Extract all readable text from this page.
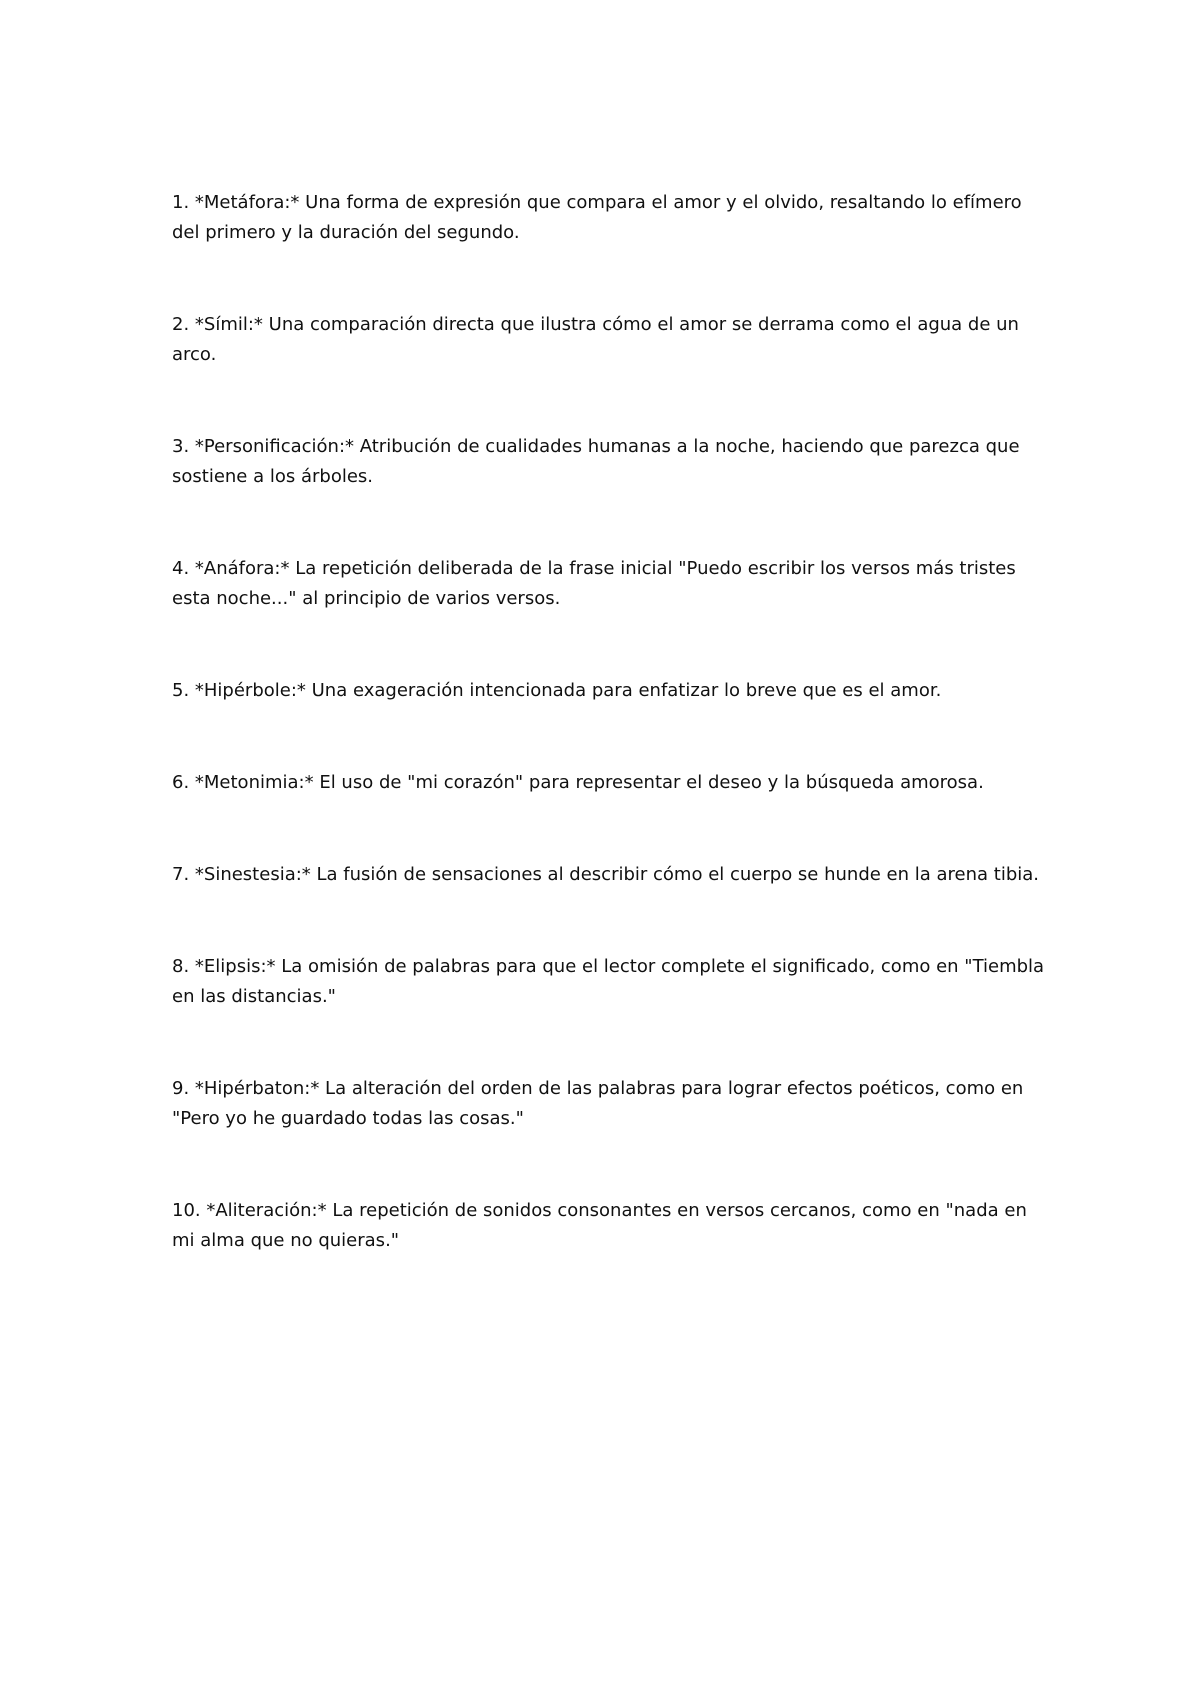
1. *Metáfora:* Una forma de expresión que compara el amor y el olvido, resaltando lo efímero del primero y la duración del segundo.

2. *Símil:* Una comparación directa que ilustra cómo el amor se derrama como el agua de un arco.

3. *Personificación:* Atribución de cualidades humanas a la noche, haciendo que parezca que sostiene a los árboles.

4. *Anáfora:* La repetición deliberada de la frase inicial "Puedo escribir los versos más tristes esta noche..." al principio de varios versos.

5. *Hipérbole:* Una exageración intencionada para enfatizar lo breve que es el amor.

6. *Metonimia:* El uso de "mi corazón" para representar el deseo y la búsqueda amorosa.

7. *Sinestesia:* La fusión de sensaciones al describir cómo el cuerpo se hunde en la arena tibia.

8. *Elipsis:* La omisión de palabras para que el lector complete el significado, como en "Tiembla en las distancias."

9. *Hipérbaton:* La alteración del orden de las palabras para lograr efectos poéticos, como en "Pero yo he guardado todas las cosas."

10. *Aliteración:* La repetición de sonidos consonantes en versos cercanos, como en "nada en mi alma que no quieras."
